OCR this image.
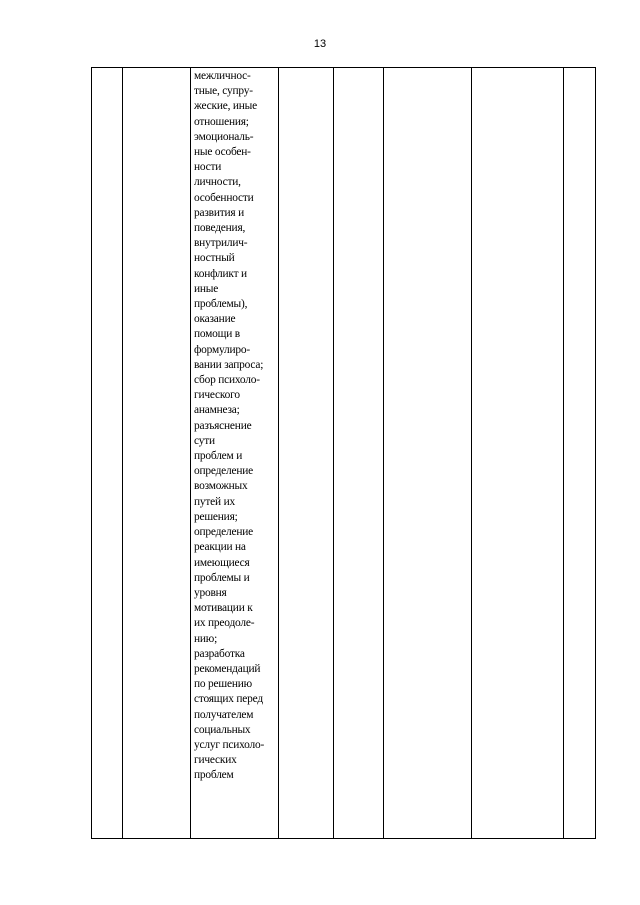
13

межличнос-
тные, супру-
жеские, иные
отношения;
эмоциональ-
ные особен-
ности
личности,
особенности
развития и
поведения,
внутрилич-
ностный
конфликт и
иные
проблемы),
оказание
помощи в
формулиро-
вании запроса;
сбор психоло-
гического
анамнеза;
разъяснение
сути
проблем и
определение
возможных
путей их
решения;
определение
реакции на
имеющиеся
проблемы и
уровня
мотивации к
их преодоле-
нию;
разработка
рекомендаций
по решению
стоящих перед
получателем
социальных
услуг психоло-
гических
проблем
